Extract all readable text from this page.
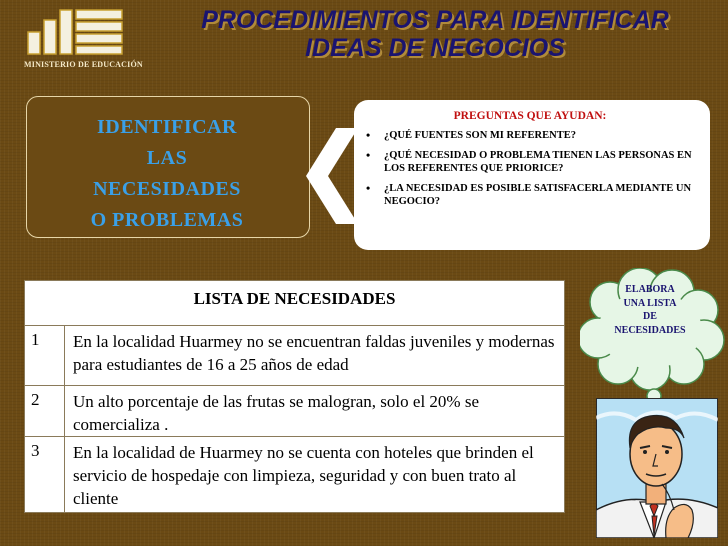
MINISTERIO DE EDUCACIÓN
PROCEDIMIENTOS PARA IDENTIFICAR
IDEAS DE NEGOCIOS
IDENTIFICAR
LAS
NECESIDADES
O PROBLEMAS
PREGUNTAS QUE AYUDAN:
• ¿QUÉ FUENTES SON MI REFERENTE?
• ¿QUÉ NECESIDAD O PROBLEMA TIENEN LAS PERSONAS EN LOS REFERENTES QUE PRIORICE?
• ¿LA NECESIDAD ES POSIBLE SATISFACERLA MEDIANTE UN NEGOCIO?
LISTA DE NECESIDADES	
1	En la localidad Huarmey no se encuentran faldas juveniles y modernas para estudiantes de 16 a 25 años de edad

2	Un alto porcentaje de las frutas se malogran, solo el 20% se comercializa .
3	En la localidad de Huarmey no se cuenta con hoteles que brinden el servicio de hospedaje con limpieza, seguridad y con buen trato al cliente
ELABORA
UNA LISTA
DE
NECESIDADES
